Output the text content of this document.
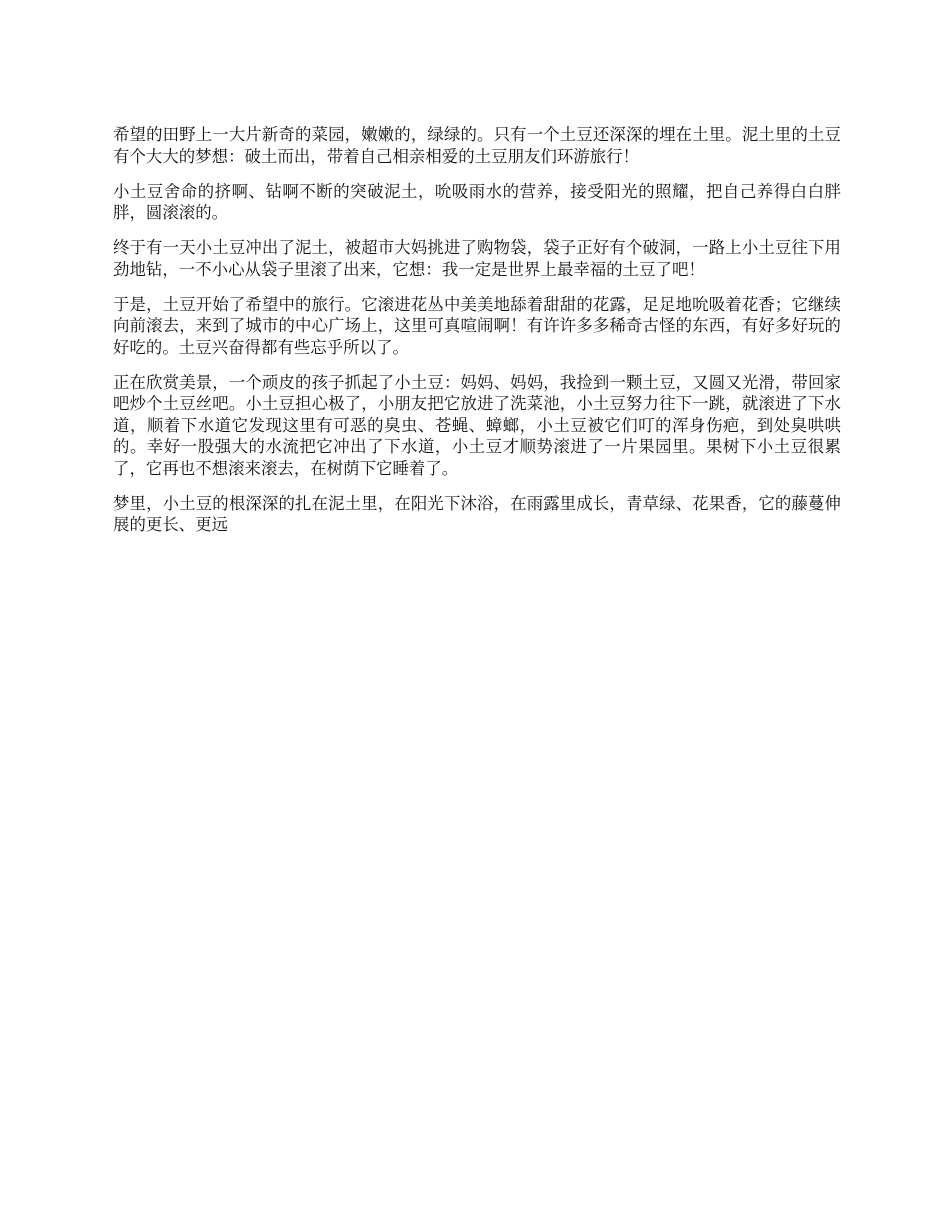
希望的田野上一大片新奇的菜园，嫩嫩的，绿绿的。只有一个土豆还深深的埋在土里。泥土里的土豆有个大大的梦想：破土而出，带着自己相亲相爱的土豆朋友们环游旅行！

小土豆舍命的挤啊、钻啊不断的突破泥土，吮吸雨水的营养，接受阳光的照耀，把自己养得白白胖胖，圆滚滚的。

终于有一天小土豆冲出了泥土，被超市大妈挑进了购物袋，袋子正好有个破洞，一路上小土豆往下用劲地钻，一不小心从袋子里滚了出来，它想：我一定是世界上最幸福的土豆了吧！

于是，土豆开始了希望中的旅行。它滚进花丛中美美地舔着甜甜的花露，足足地吮吸着花香；它继续向前滚去，来到了城市的中心广场上，这里可真喧闹啊！有许许多多稀奇古怪的东西，有好多好玩的好吃的。土豆兴奋得都有些忘乎所以了。

正在欣赏美景，一个顽皮的孩子抓起了小土豆：妈妈、妈妈，我捡到一颗土豆，又圆又光滑，带回家吧炒个土豆丝吧。小土豆担心极了，小朋友把它放进了洗菜池，小土豆努力往下一跳，就滚进了下水道，顺着下水道它发现这里有可恶的臭虫、苍蝇、蟑螂，小土豆被它们叮的浑身伤疤，到处臭哄哄的。幸好一股强大的水流把它冲出了下水道，小土豆才顺势滚进了一片果园里。果树下小土豆很累了，它再也不想滚来滚去，在树荫下它睡着了。

梦里，小土豆的根深深的扎在泥土里，在阳光下沐浴，在雨露里成长，青草绿、花果香，它的藤蔓伸展的更长、更远
